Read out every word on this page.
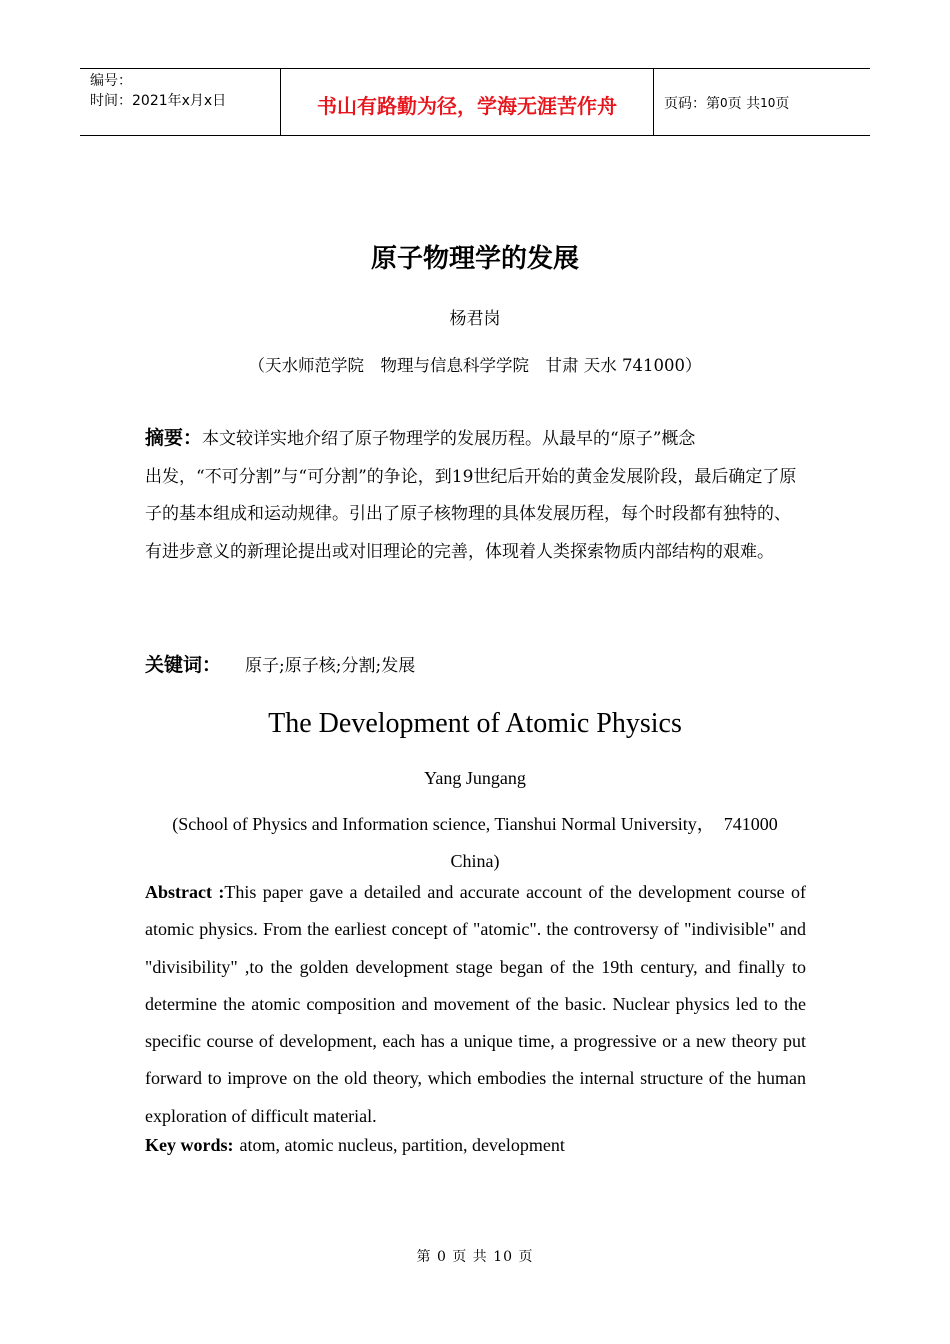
编号：
时间：2021年x月x日	书山有路勤为径，学海无涯苦作舟	页码：第 0 页 共 10 页
原子物理学的发展
杨君岗
（天水师范学院　物理与信息科学学院　甘肃 天水 741000）
摘要：本文较详实地介绍了原子物理学的发展历程。从最早的“原子”概念
出发，“不可分割”与“可分割”的争论，到19世纪后开始的黄金发展阶段，最后确定了原子的基本组成和运动规律。引出了原子核物理的具体发展历程，每个时段都有独特的、有进步意义的新理论提出或对旧理论的完善，体现着人类探索物质内部结构的艰难。
关键词： 原子;原子核;分割;发展
The Development of Atomic Physics
Yang Jungang
(School of Physics and Information science, Tianshui Normal University，　741000
China)
Abstract :This paper gave a detailed and accurate account of the development course of atomic physics. From the earliest concept of "atomic". the controversy of "indivisible" and "divisibility" ,to the golden development stage began of the 19th century, and finally to determine the atomic composition and movement of the basic. Nuclear physics led to the specific course of development, each has a unique time, a progressive or a new theory put forward to improve on the old theory, which embodies the internal structure of the human exploration of difficult material.
Key words: atom, atomic nucleus, partition, development
第 0 页 共 10 页
